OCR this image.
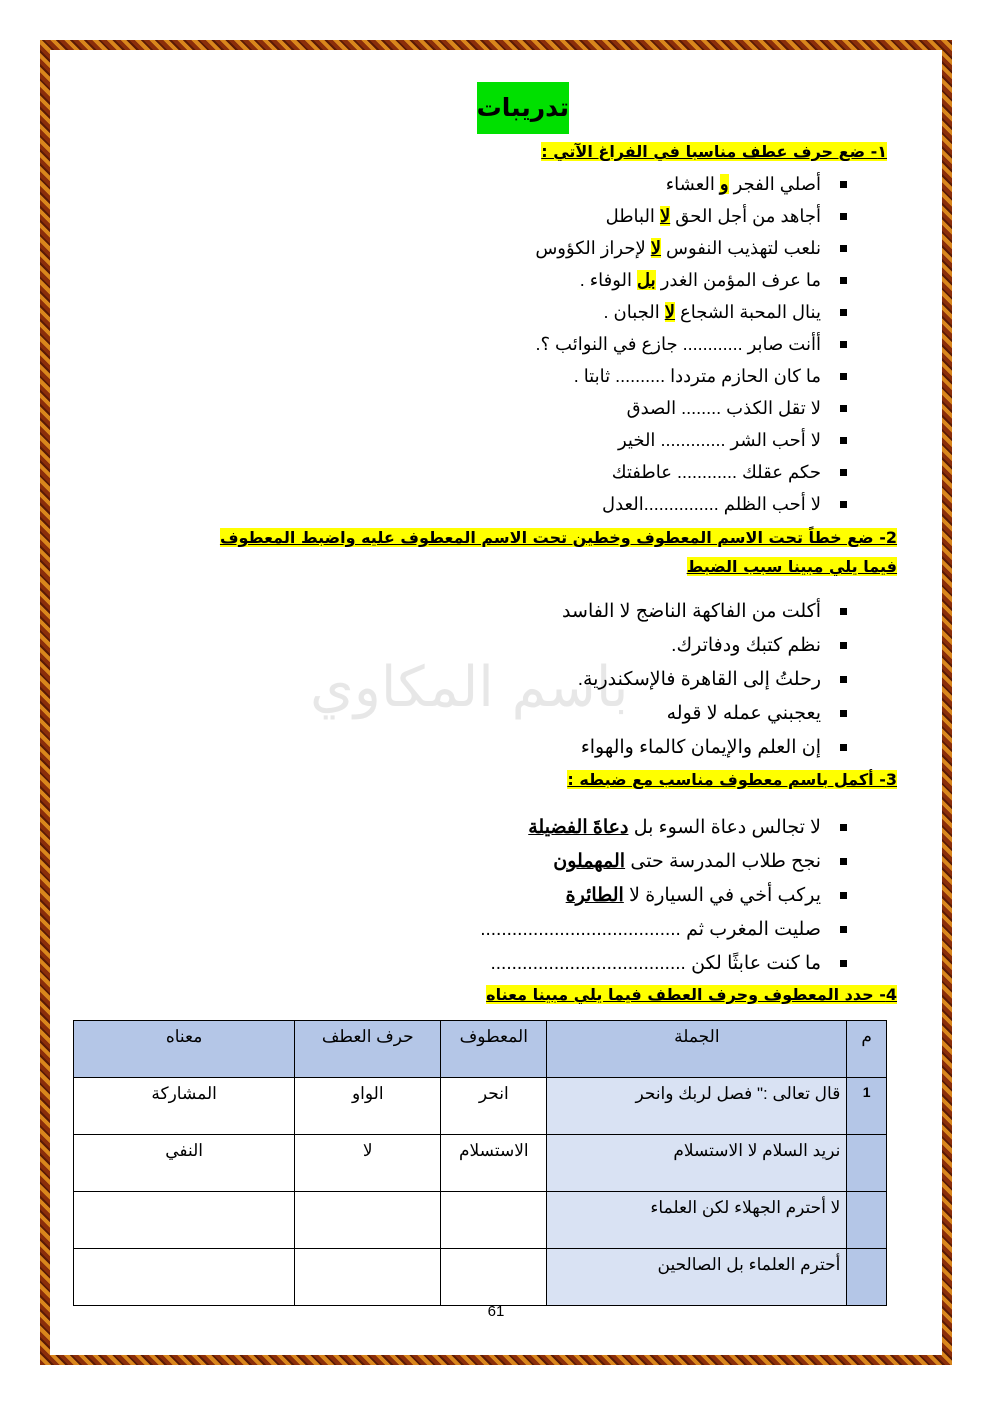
باسم المكاوي
تدريبات
١- ضع حرف عطف مناسبا في الفراغ الآتي :
أصلي الفجر و العشاء
أجاهد من أجل الحق لا الباطل
نلعب لتهذيب النفوس لا لإحراز الكؤوس
ما عرف المؤمن الغدر بل الوفاء .
ينال المحبة الشجاع لا الجبان .
أأنت صابر ............ جازع في النوائب ؟.
ما كان الحازم مترددا .......... ثابتا .
لا تقل الكذب ........ الصدق
لا أحب الشر ............. الخير
حكم عقلك ............ عاطفتك
لا أحب الظلم ...............العدل
2- ضع خطاً تحت الاسم المعطوف وخطين تحت الاسم المعطوف عليه واضبط المعطوف
فيما يلي مبينا سبب الضبط
أكلت من الفاكهة الناضج لا الفاسد
نظم كتبك ودفاترك.
رحلتُ إلى القاهرة فالإسكندرية.
يعجبني عمله لا قوله
إن العلم والإيمان كالماء والهواء
3- أكمل باسم معطوف مناسب مع ضبطه :
لا تجالس دعاة السوء بل دعاةَ الفضيلة
نجح طلاب المدرسة حتى المهملون
يركب أخي في السيارة لا الطائرة
صليت المغرب ثم ......................................
ما كنت عابثًا لكن .....................................
4- حدد المعطوف وحرف العطف فيما يلي مبينا معناه
م	الجملة	المعطوف	حرف العطف	معناه
1	قال تعالى :" فصل لربك وانحر	انحر	الواو	المشاركة
	نريد السلام لا الاستسلام	الاستسلام	لا	النفي
	لا أحترم الجهلاء لكن العلماء			
	أحترم العلماء بل الصالحين			
61
